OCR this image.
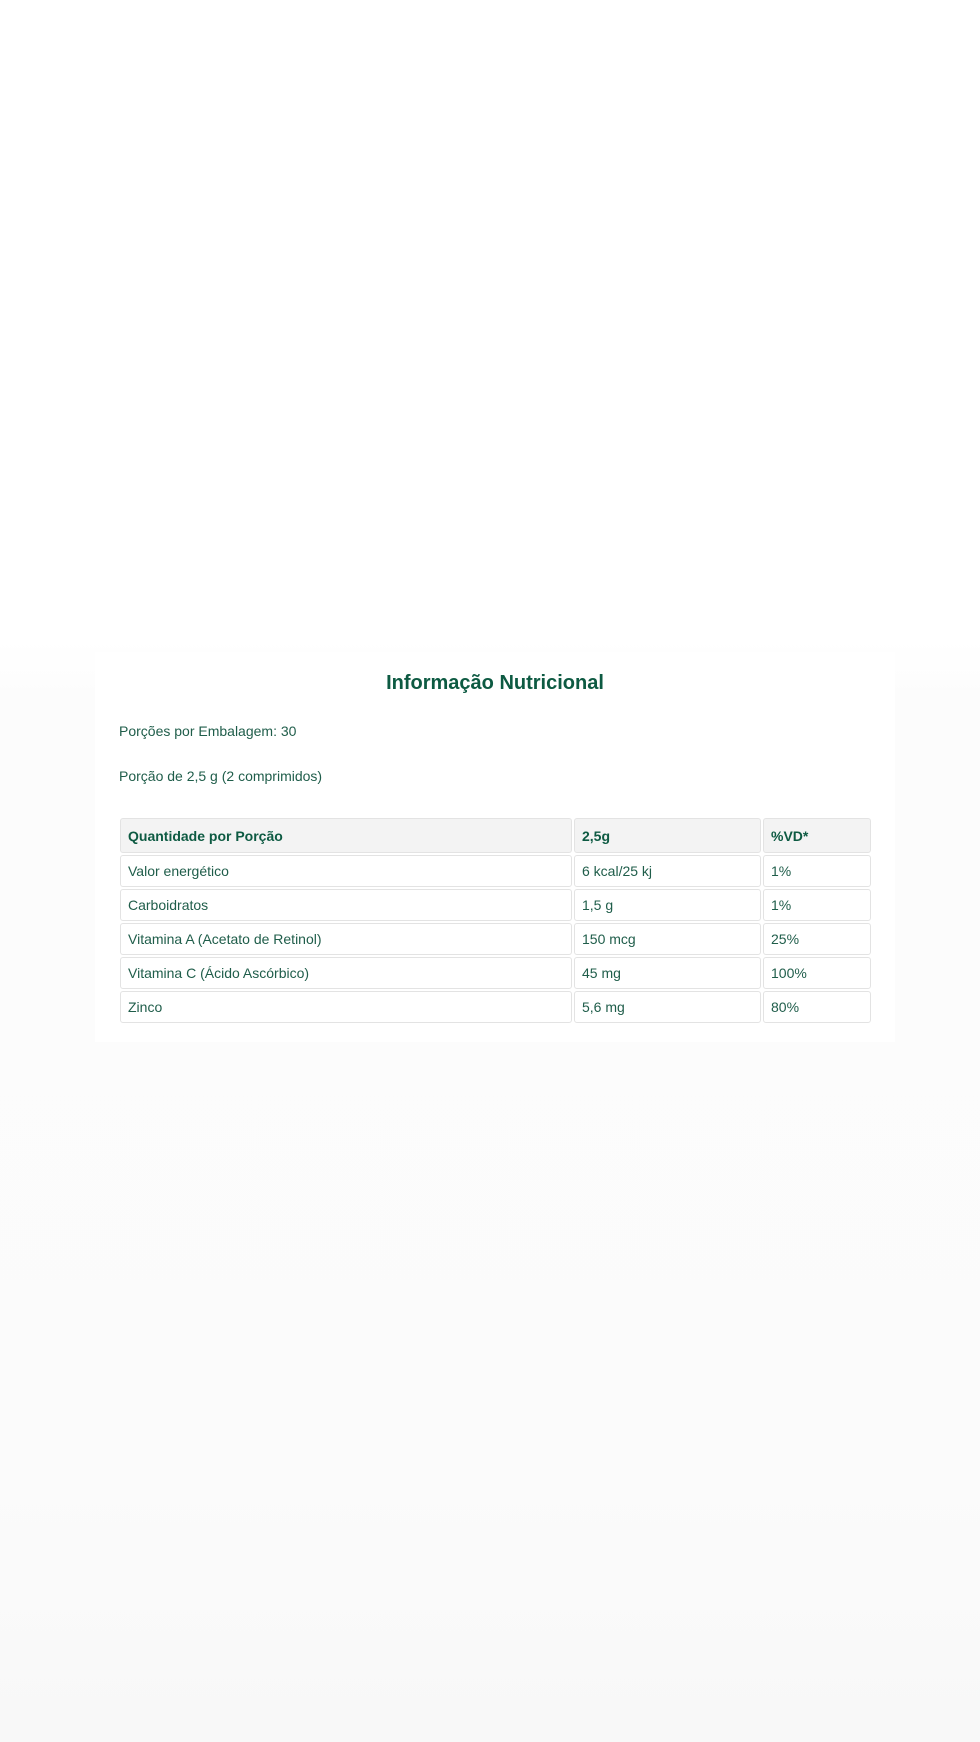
Informação Nutricional

Porções por Embalagem: 30

Porção de 2,5 g (2 comprimidos)

Quantidade por Porção	2,5g	%VD*
Valor energético	6 kcal/25 kj	1%
Carboidratos	1,5 g	1%
Vitamina A (Acetato de Retinol)	150 mcg	25%
Vitamina C (Ácido Ascórbico)	45 mg	100%
Zinco	5,6 mg	80%
